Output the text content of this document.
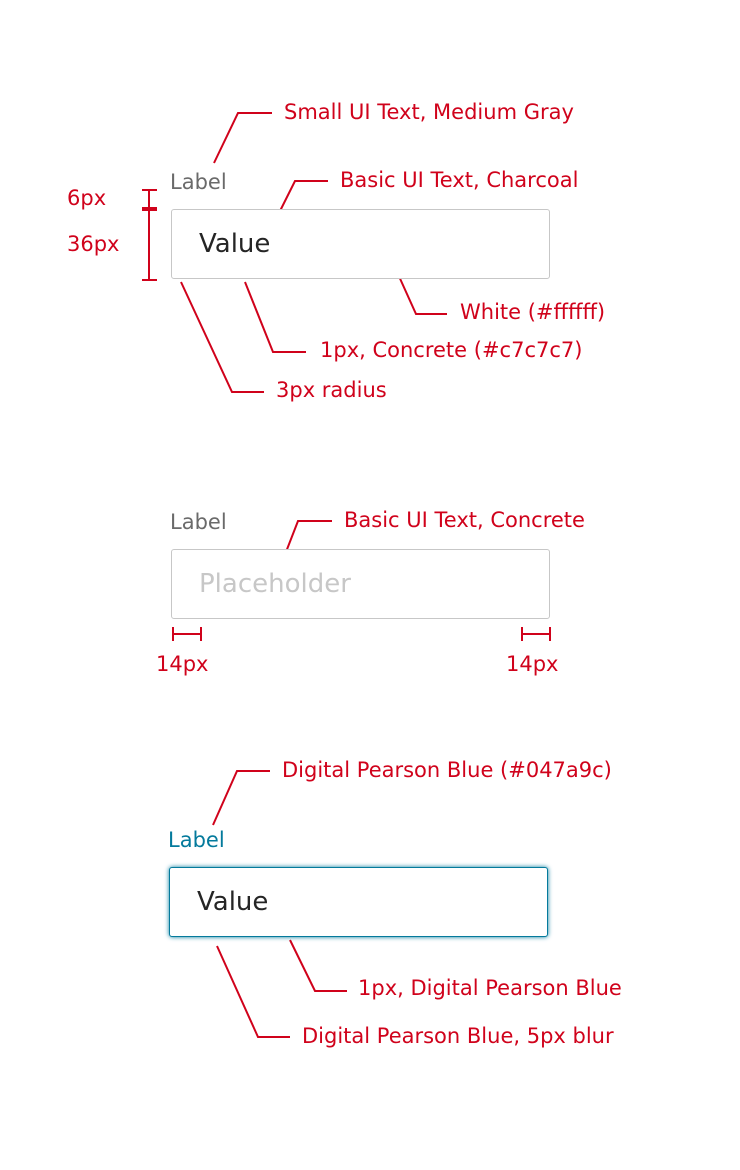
Label
Value
Small UI Text, Medium Gray
Basic UI Text, Charcoal
White (#ffffff)
1px, Concrete (#c7c7c7)
3px radius
6px
36px
Label
Placeholder
Basic UI Text, Concrete
14px	14px
Label
Value
Digital Pearson Blue (#047a9c)
1px, Digital Pearson Blue
Digital Pearson Blue, 5px blur
